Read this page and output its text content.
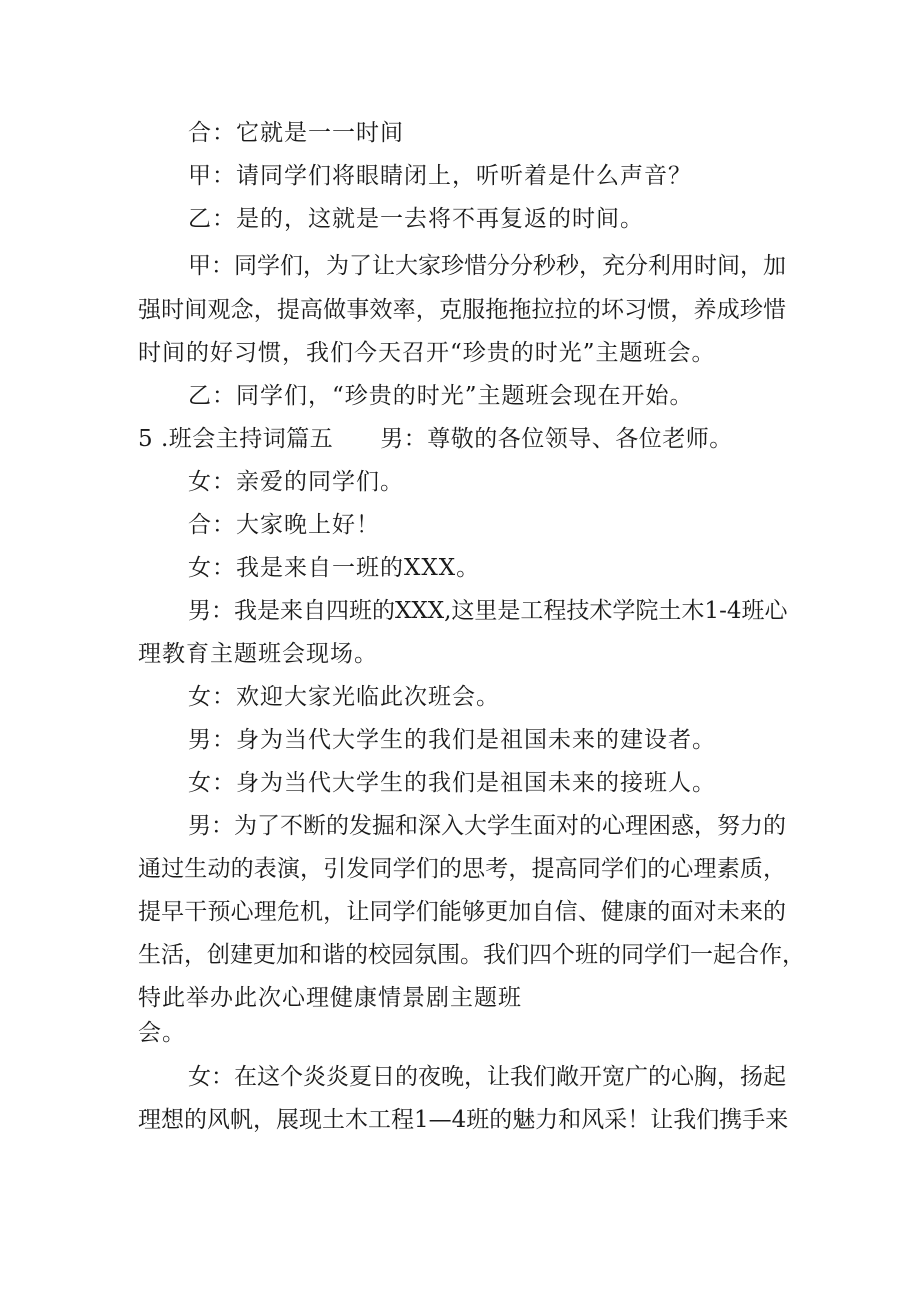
合：它就是一一时间
甲：请同学们将眼睛闭上，听听着是什么声音？
乙：是的，这就是一去将不再复返的时间。
甲：同学们，为了让大家珍惜分分秒秒，充分利用时间，加
强时间观念，提高做事效率，克服拖拖拉拉的坏习惯，养成珍惜
时间的好习惯，我们今天召开“珍贵的时光”主题班会。
乙：同学们，“珍贵的时光”主题班会现在开始。
5 .班会主持词篇五　　男：尊敬的各位领导、各位老师。
女：亲爱的同学们。
合：大家晚上好！
女：我是来自一班的XXX。
男：我是来自四班的XXX,这里是工程技术学院土木1-4班心
理教育主题班会现场。
女：欢迎大家光临此次班会。
男：身为当代大学生的我们是祖国未来的建设者。
女：身为当代大学生的我们是祖国未来的接班人。
男：为了不断的发掘和深入大学生面对的心理困惑，努力的
通过生动的表演，引发同学们的思考，提高同学们的心理素质，
提早干预心理危机，让同学们能够更加自信、健康的面对未来的
生活，创建更加和谐的校园氛围。我们四个班的同学们一起合作，
特此举办此次心理健康情景剧主题班
会。
女：在这个炎炎夏日的夜晚，让我们敞开宽广的心胸，扬起
理想的风帆，展现土木工程1—4班的魅力和风采！让我们携手来
